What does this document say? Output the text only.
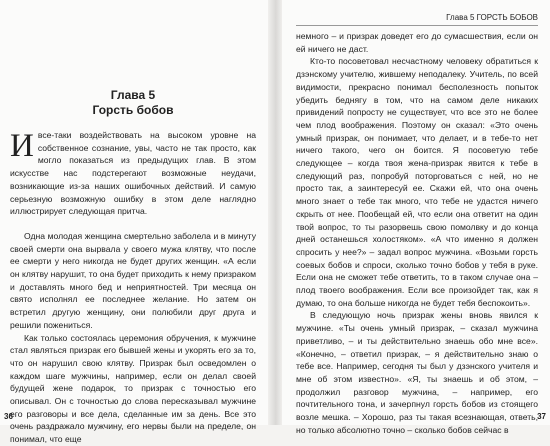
Глава 5
Горсть бобов

Ивсе-таки воздействовать на высоком уровне на собственное сознание, увы, часто не так просто, как могло показаться из предыдущих глав. В этом искусстве нас подстерегают возможные неудачи, возникающие из-за наших ошибочных действий. И самую серьезную возможную ошибку в этом деле наглядно иллюстрирует следующая притча.

Одна молодая женщина смертельно заболела и в минуту своей смерти она вырвала у своего мужа клятву, что после ее смерти у него никогда не будет других женщин. «А если он клятву нарушит, то она будет приходить к нему призраком и доставлять много бед и неприятностей. Три месяца он свято исполнял ее последнее желание. Но затем он встретил другую женщину, они полюбили друг друга и решили пожениться.

Как только состоялась церемония обручения, к мужчине стал являться призрак его бывшей жены и укорять его за то, что он нарушил свою клятву. Призрак был осведомлен о каждом шаге мужчины, например, если он делал своей будущей жене подарок, то призрак с точностью его описывал. Он с точностью до слова пересказывал мужчине его разговоры и все дела, сделанные им за день. Все это очень раздражало мужчину, его нервы были на пределе, он понимал, что еще

36
Глава 5 ГОРСТЬ БОБОВ

немного – и призрак доведет его до сумасшествия, если он ей ничего не даст.

Кто-то посоветовал несчастному человеку обратиться к дзэнскому учителю, жившему неподалеку. Учитель, по всей видимости, прекрасно понимал бесполезность попыток убедить беднягу в том, что на самом деле никаких привидений попросту не существует, что все это не более чем плод воображения. Поэтому он сказал: «Это очень умный призрак, он понимает, что делает, и в тебе-то нет ничего такого, чего он боится. Я посоветую тебе следующее – когда твоя жена-призрак явится к тебе в следующий раз, попробуй поторговаться с ней, но не просто так, а заинтересуй ее. Скажи ей, что она очень много знает о тебе так много, что тебе не удастся ничего скрыть от нее. Пообещай ей, что если она ответит на один твой вопрос, то ты разорвешь свою помолвку и до конца дней останешься холостяком». «А что именно я должен спросить у нее?» – задал вопрос мужчина. «Возьми горсть соевых бобов и спроси, сколько точно бобов у тебя в руке. Если она не сможет тебе ответить, то в таком случае она – плод твоего воображения. Если все произойдет так, как я думаю, то она больше никогда не будет тебя беспокоить».

В следующую ночь призрак жены вновь явился к мужчине. «Ты очень умный призрак, – сказал мужчина приветливо, – и ты действительно знаешь обо мне все». «Конечно, – ответил призрак, – я действительно знаю о тебе все. Например, сегодня ты был у дзэнского учителя и мне об этом известно». «Я, ты знаешь и об этом, – продолжил разговор мужчина, – например, его почтительного тона, и зачерпнул горсть бобов из стоящего возле мешка. – Хорошо, раз ты такая всезнающая, ответь, но только абсолютно точно – сколько бобов сейчас в

37
